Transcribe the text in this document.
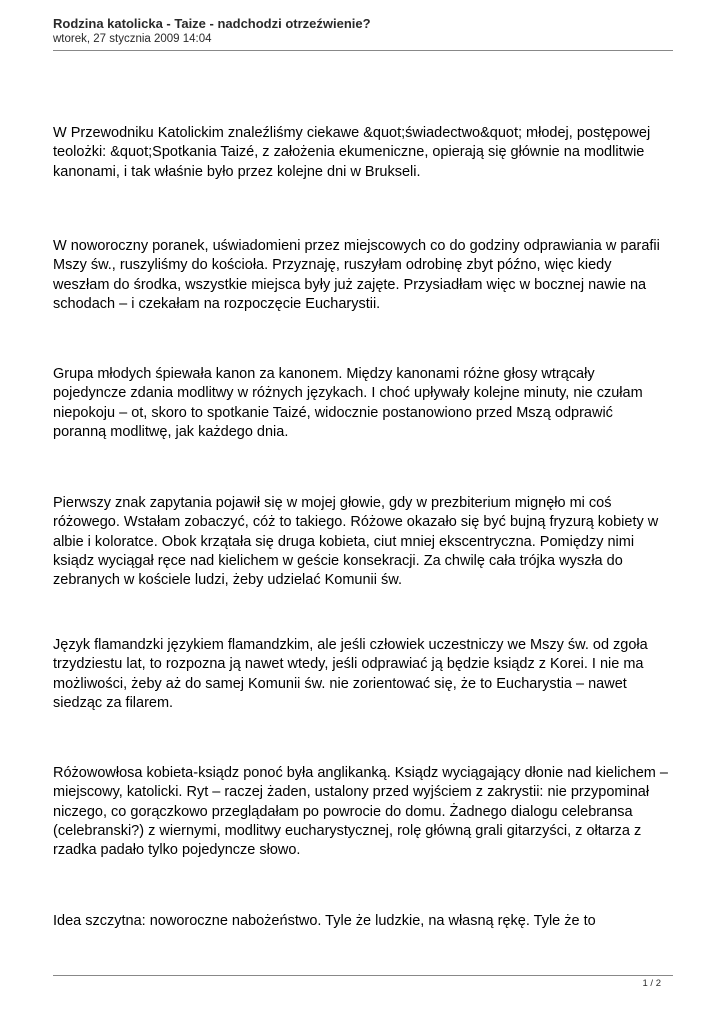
Rodzina katolicka - Taize - nadchodzi otrzeźwienie?
wtorek, 27 stycznia 2009 14:04
W Przewodniku Katolickim znaleźliśmy ciekawe &quot;świadectwo&quot; młodej, postępowej
teolożki: &quot;Spotkania Taizé, z założenia ekumeniczne, opierają się głównie na modlitwie
kanonami, i tak właśnie było przez kolejne dni w Brukseli.
W noworoczny poranek, uświadomieni przez miejscowych co do godziny odprawiania w parafii
Mszy św., ruszyliśmy do kościoła. Przyznaję, ruszyłam odrobinę zbyt późno, więc kiedy
weszłam do środka, wszystkie miejsca były już zajęte. Przysiadłam więc w bocznej nawie na
schodach – i czekałam na rozpoczęcie Eucharystii.
Grupa młodych śpiewała kanon za kanonem. Między kanonami różne głosy wtrącały
pojedyncze zdania modlitwy w różnych językach. I choć upływały kolejne minuty, nie czułam
niepokoju – ot, skoro to spotkanie Taizé, widocznie postanowiono przed Mszą odprawić
poranną modlitwę, jak każdego dnia.
Pierwszy znak zapytania pojawił się w mojej głowie, gdy w prezbiterium mignęło mi coś
różowego. Wstałam zobaczyć, cóż to takiego. Różowe okazało się być bujną fryzurą kobiety w
albie i koloratce. Obok krzątała się druga kobieta, ciut mniej ekscentryczna. Pomiędzy nimi
ksiądz wyciągał ręce nad kielichem w geście konsekracji. Za chwilę cała trójka wyszła do
zebranych w kościele ludzi, żeby udzielać Komunii św.
Język flamandzki językiem flamandzkim, ale jeśli człowiek uczestniczy we Mszy św. od zgoła
trzydziestu lat, to rozpozna ją nawet wtedy, jeśli odprawiać ją będzie ksiądz z Korei. I nie ma
możliwości, żeby aż do samej Komunii św. nie zorientować się, że to Eucharystia – nawet
siedząc za filarem.
Różowowłosa kobieta-ksiądz ponoć była anglikanką. Ksiądz wyciągający dłonie nad kielichem –
miejscowy, katolicki. Ryt – raczej żaden, ustalony przed wyjściem z zakrystii: nie przypominał
niczego, co gorączkowo przeglądałam po powrocie do domu. Żadnego dialogu celebransa
(celebranski?) z wiernymi, modlitwy eucharystycznej, rolę główną grali gitarzyści, z ołtarza z
rzadka padało tylko pojedyncze słowo.
Idea szczytna: noworoczne nabożeństwo. Tyle że ludzkie, na własną rękę. Tyle że to
1 / 2
